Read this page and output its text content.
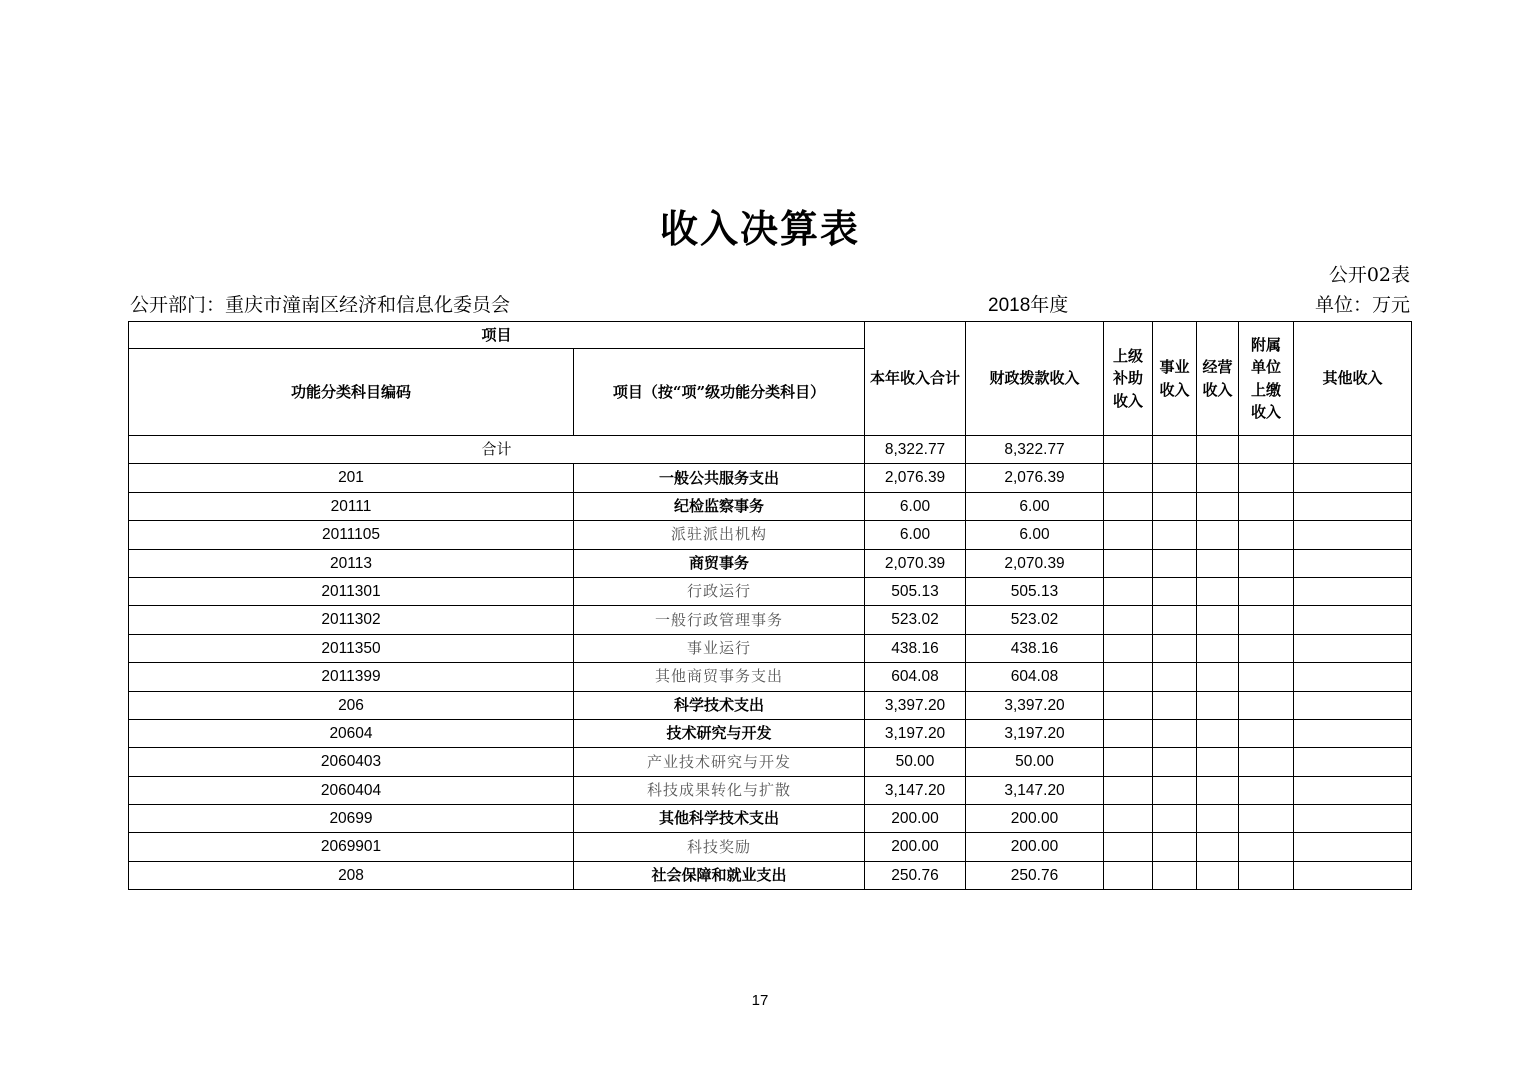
收入决算表
公开02表
公开部门：重庆市潼南区经济和信息化委员会	2018年度	单位：万元
项目		本年收入合计	财政拨款收入	上级补助收入	事业收入	经营收入	附属单位上缴收入	其他收入
功能分类科目编码	项目（按“项”级功能分类科目）							
合计		8,322.77	8,322.77					
201	一般公共服务支出	2,076.39	2,076.39					
20111	纪检监察事务	6.00	6.00					
2011105	派驻派出机构	6.00	6.00					
20113	商贸事务	2,070.39	2,070.39					
2011301	行政运行	505.13	505.13					
2011302	一般行政管理事务	523.02	523.02					
2011350	事业运行	438.16	438.16					
2011399	其他商贸事务支出	604.08	604.08					
206	科学技术支出	3,397.20	3,397.20					
20604	技术研究与开发	3,197.20	3,197.20					
2060403	产业技术研究与开发	50.00	50.00					
2060404	科技成果转化与扩散	3,147.20	3,147.20					
20699	其他科学技术支出	200.00	200.00					
2069901	科技奖励	200.00	200.00					
208	社会保障和就业支出	250.76	250.76					
17
